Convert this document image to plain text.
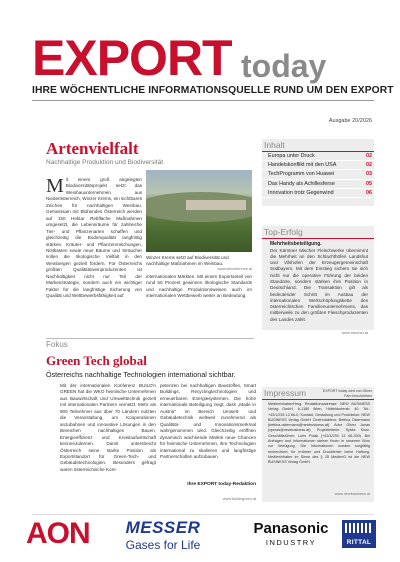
EXPORT today
IHRE WÖCHENTLICHE INFORMATIONSQUELLE RUND UM DEN EXPORT
Ausgabe 20/2026
Artenvielfalt
Nachhaltige Produktion und Biodiversität
Mit einem groß angelegten Biodiversitätsprojekt setzt das Weinbauunternehmen aus Niederösterreich, Winzer Krems, ein sichtbares Zeichen für nachhaltigen Weinbau. Gemeinsam mit Blühendes Österreich werden auf 150 Hektar Rebfläche Maßnahmen umgesetzt, die Lebensräume für zahlreiche Tier- und Pflanzenarten schaffen und gleichzeitig die Bodenqualität langfristig stärken. Kräuter- und Pflanzenmischungen, Nistkästen sowie neue Bäume und Sträucher sollen die ökologische Vielfalt in den Weinbergen gezielt fördern. Für Österreichs größten Qualitätsweinproduzenten ist Nachhaltigkeit nicht nur Teil der Markenstrategie, sondern auch ein wichtiger Faktor für die langfristige Sicherung von Qualität und Wettbewerbsfähigkeit auf
Winzer Krems setzt auf Biodiversität und nachhaltige Maßnahmen im Weinbau.
www.winzerkrems.at
internationalen Märkten. Mit einem Exportanteil von rund 50 Prozent gewinnen ökologische Standards und nachhaltige Produktionsweisen auch im internationalen Wettbewerb weiter an Bedeutung.
Inhalt
Europa unter Druck	02
Handelskonflikt mit den USA	02
TechProgramm von Huawei	03
Das Handy als Achillesferse	05
Innovation trotz Gegenwind	06
Top-Erfolg
Mehrheitsbeteiligung.
Der Kärntner Mischer Fleischwerke übernimmt die Mehrheit an den Schlachthöfen Landshut und Vilshofen der Erzeugergemeinschaft Südbayern. Mit dem Einstieg sichern sie sich nicht nur die operative Führung der beiden Standorte, sondern stärken ihre Position in Deutschland. Die Transaktion gilt als bedeutender Schritt im Ausbau der internationalen Wertschöpfungskette des österreichischen Familienunternehmens, das mittlerweile zu den größten Fleischproduzenten des Landes zählt.
www.mischer.at
Fokus
Green Tech global
Österreichs nachhaltige Technologien international sichtbar.
Mit der internationalen Konferenz BUILD'n GREEN hat die WKO heimische Unternehmen aus Bauwirtschaft und Umwelttechnik gezielt mit internationalen Partnern vernetzt. Mehr als 900 Teilnehmer aus über 70 Ländern nutzten die Veranstaltung, um Kooperationen anzubahnen und innovative Lösungen in den Bereichen nachhaltiges Bauen, Energieeffizienz und Kreislaufwirtschaft kennenzulernen. Damit unterstreicht Österreich seine starke Position als Exportstandort für Green-Tech- und Gebäudetechnologien. Besonders gefragt waren österreichische Kom-
petenzen bei nachhaltigen Baustoffen, Smart Buildings, Recyclingtechnologien und erneuerbaren Energiesystemen. Die hohe internationale Beteiligung zeigt, dass „Made in Austria" im Bereich Umwelt- und Gebäudetechnik weltweit zunehmend als Qualitäts- und Innovationsmerkmal wahrgenommen wird. Gleichzeitig eröffnen dynamisch wachsende Märkte neue Chancen für heimische Unternehmen, ihre Technologien international zu skalieren und langfristige Partnerschaften aufzubauen.
Ihre EXPORT today-Redaktion
www.buildngreen.at
Impressum	EXPORT today wird von Oliver Fam beschrieben
Medieninhaber/Hrsg. Redaktionsadresse: NEW BUSINESS Verlag GmbH, A-1180 Wien, Hütteldorferstr. 40. Tel.: +43/1/235 13 66-0, Kontakt, Gestaltung und Produktion: NEW BUSINESS Verlag GmbH Chefredakteur: Bettina Ostermann (bettina.ostermann@newbusiness.at), Artur Oliver Jonas (ojonas@newbusiness.at). Projektleiterin: Sylvia Klutz. Geschäftsführer: Lorin Polak (+43/1/235 13 66-300). Bei Anfragen und Informationen stehen Ihnen in unserem Büro zur Verfügung. Die Informationen wurden sorgfältig recherchiert, für Irrtümer und Druckfehler keine Haftung. Medieninhaber im Sinne des § 25 MedienG ist die NEW BUSINESS Verlag GmbH.
www.newbusiness.at
AON	MESSER
Gases for Life
Panasonic
INDUSTRY	RITTAL
